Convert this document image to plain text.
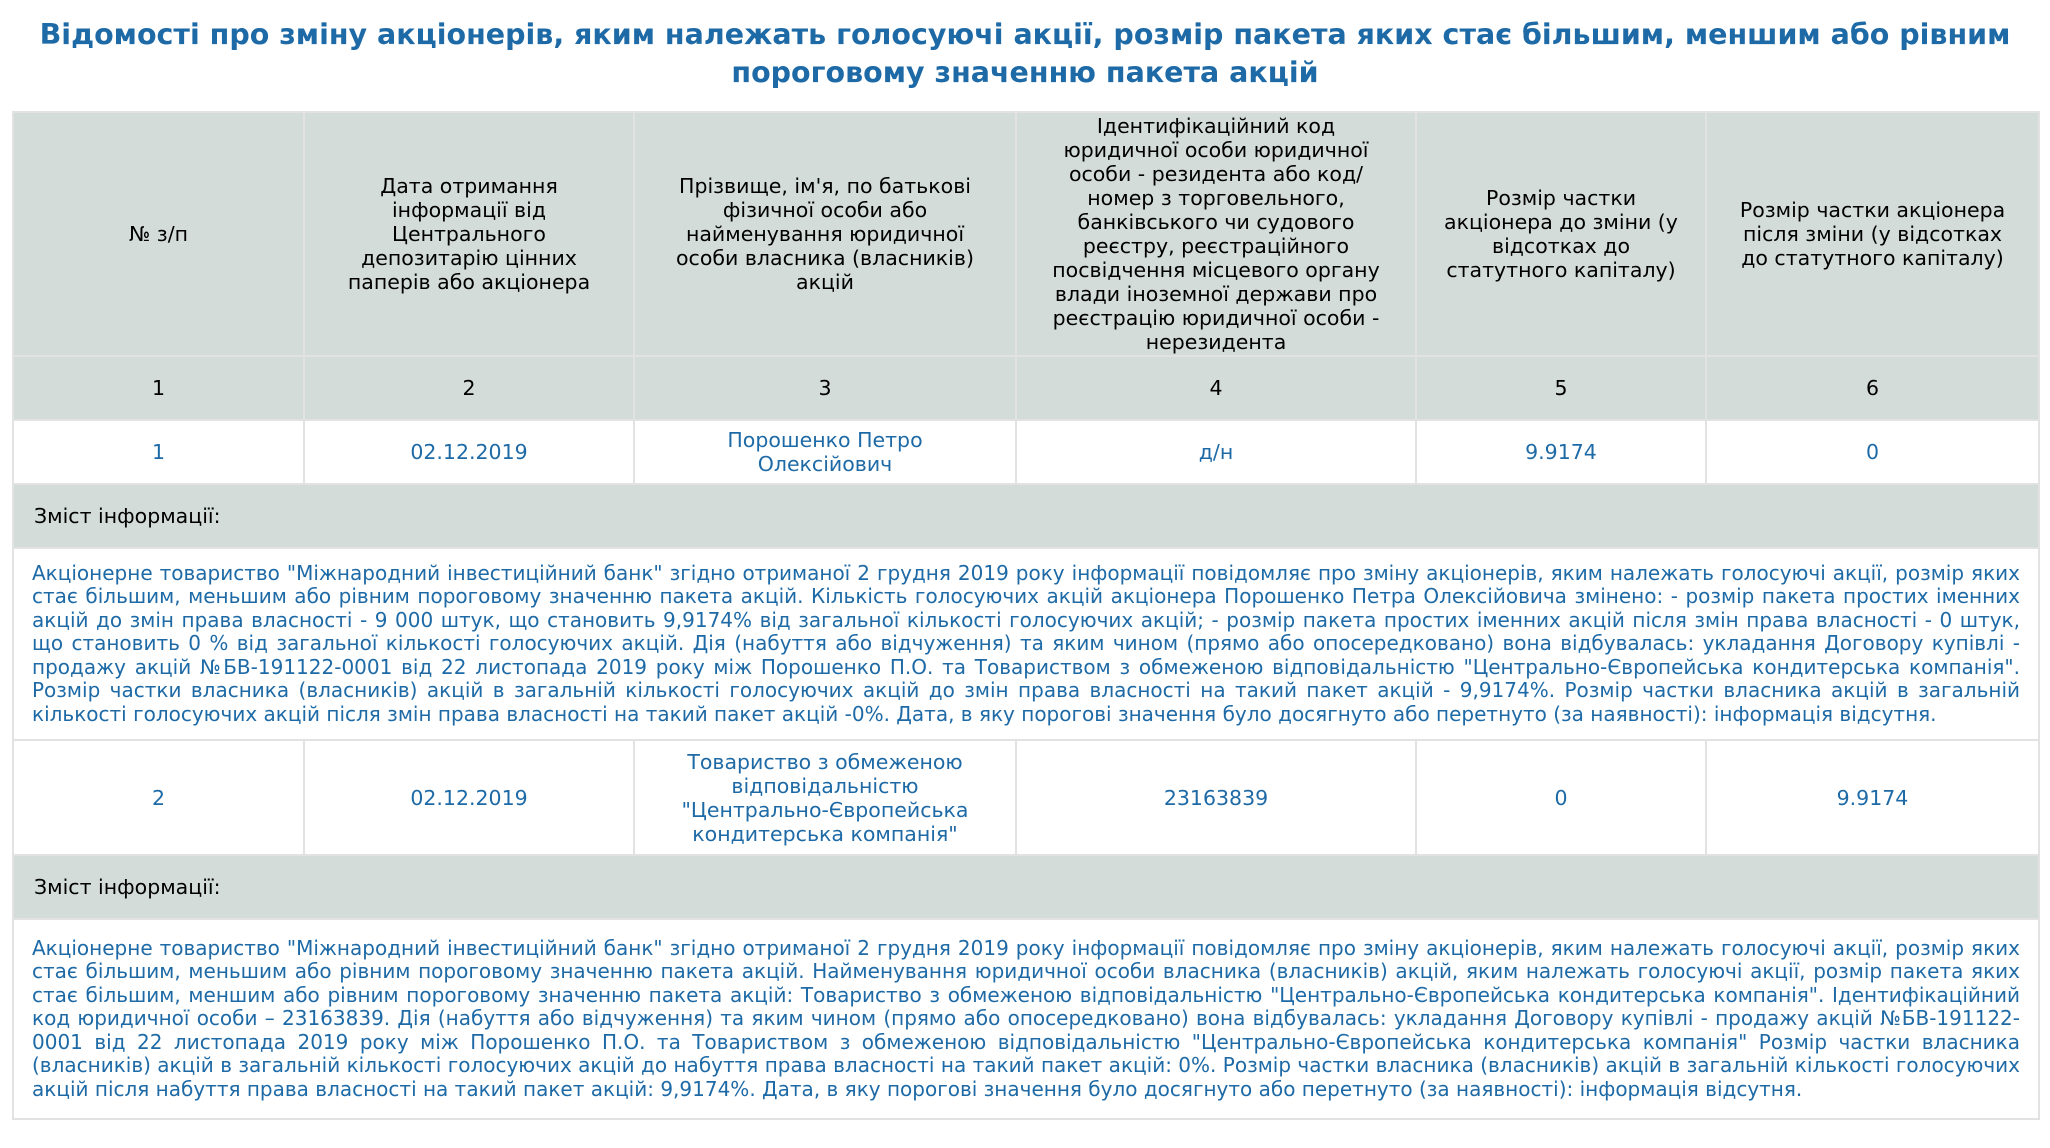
Відомості про зміну акціонерів, яким належать голосуючі акції, розмір пакета яких стає більшим, меншим або рівним пороговому значенню пакета акцій
№ з/п	Дата отримання інформації від Центрального депозитарію цінних паперів або акціонера	Прізвище, ім'я, по батькові фізичної особи або найменування юридичної особи власника (власників) акцій	Ідентифікаційний код юридичної особи юридичної особи - резидента або код/номер з торговельного, банківського чи судового реєстру, реєстраційного посвідчення місцевого органу влади іноземної держави про реєстрацію юридичної особи - нерезидента	Розмір частки акціонера до зміни (у відсотках до статутного капіталу)	Розмір частки акціонера після зміни (у відсотках до статутного капіталу)
1	2	3	4	5	6
1	02.12.2019	Порошенко Петро Олексійович	д/н	9.9174	0
Зміст інформації:					
Акціонерне товариство "Міжнародний інвестиційний банк" згідно отриманої 2 грудня 2019 року інформації повідомляє про зміну акціонерів, яким належать голосуючі акції, розмір яких стає більшим, меньшим або рівним пороговому значенню пакета акцій. Кількість голосуючих акцій акціонера Порошенко Петра Олексійовича змінено: - розмір пакета простих іменних акцій до змін права власності - 9 000 штук, що становить 9,9174% від загальної кількості голосуючих акцій; - розмір пакета простих іменних акцій після змін права власності - 0 штук, що становить 0 % від загальної кількості голосуючих акцій. Дія (набуття або відчуження) та яким чином (прямо або опосередковано) вона відбувалась: укладання Договору купівлі - продажу акцій №БВ-191122-0001 від 22 листопада 2019 року між Порошенко П.О. та Товариством з обмеженою відповідальністю "Центрально-Європейська кондитерська компанія". Розмір частки власника (власників) акцій в загальній кількості голосуючих акцій до змін права власності на такий пакет акцій - 9,9174%. Розмір частки власника акцій в загальній кількості голосуючих акцій після змін права власності на такий пакет акцій -0%. Дата, в яку порогові значення було досягнуто або перетнуто (за наявності): інформація відсутня.					
2	02.12.2019	Товариство з обмеженою відповідальністю "Центрально-Європейська кондитерська компанія"	23163839	0	9.9174
Зміст інформації:					
Акціонерне товариство "Міжнародний інвестиційний банк" згідно отриманої 2 грудня 2019 року інформації повідомляє про зміну акціонерів, яким належать голосуючі акції, розмір яких стає більшим, меньшим або рівним пороговому значенню пакета акцій. Найменування юридичної особи власника (власників) акцій, яким належать голосуючі акції, розмір пакета яких стає більшим, меншим або рівним пороговому значенню пакета акцій: Товариство з обмеженою відповідальністю "Центрально-Європейська кондитерська компанія". Ідентифікаційний код юридичної особи – 23163839. Дія (набуття або відчуження) та яким чином (прямо або опосередковано) вона відбувалась: укладання Договору купівлі - продажу акцій №БВ-191122-0001 від 22 листопада 2019 року між Порошенко П.О. та Товариством з обмеженою відповідальністю "Центрально-Європейська кондитерська компанія" Розмір частки власника (власників) акцій в загальній кількості голосуючих акцій до набуття права власності на такий пакет акцій: 0%. Розмір частки власника (власників) акцій в загальній кількості голосуючих акцій після набуття права власності на такий пакет акцій: 9,9174%. Дата, в яку порогові значення було досягнуто або перетнуто (за наявності): інформація відсутня.					
